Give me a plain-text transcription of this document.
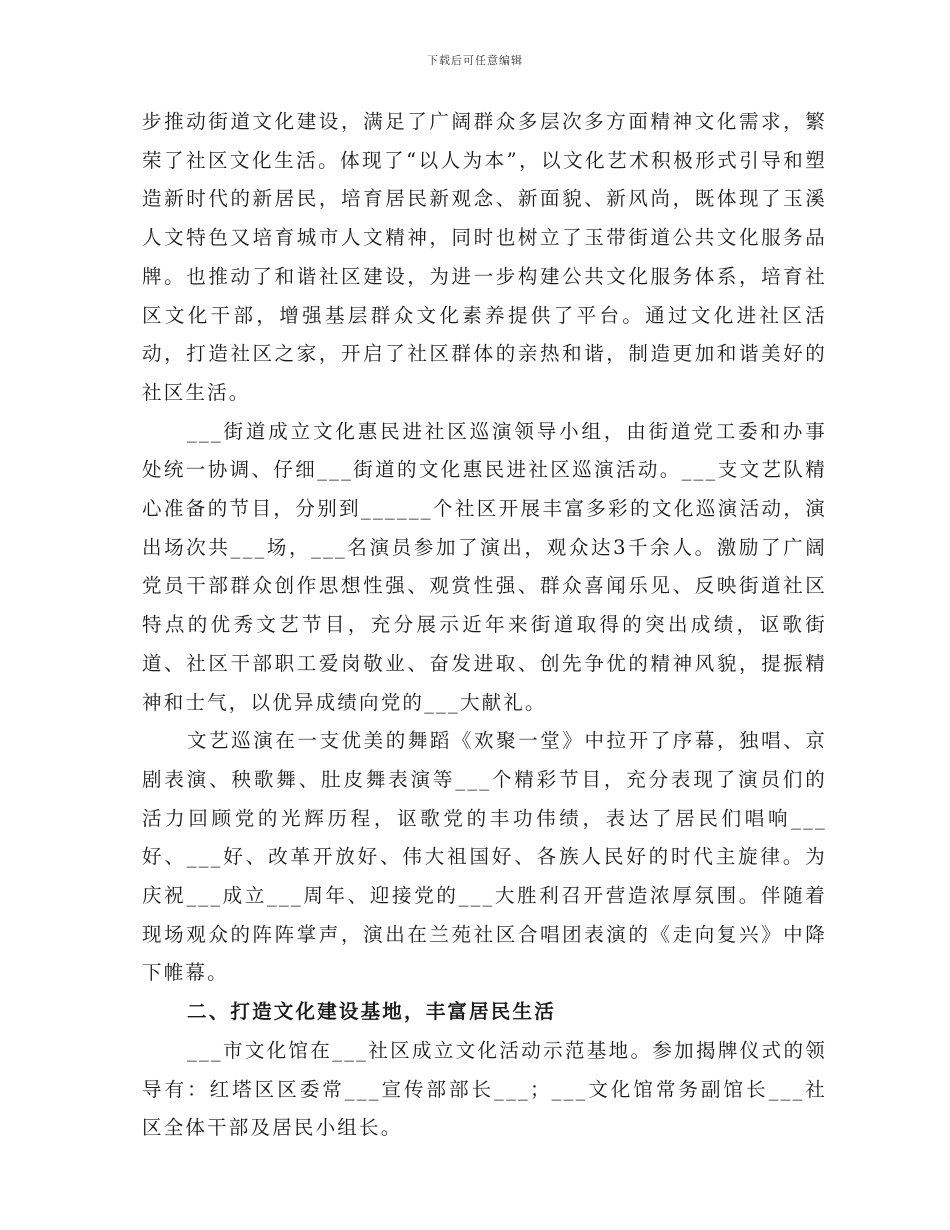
下载后可任意编辑

步推动街道文化建设，满足了广阔群众多层次多方面精神文化需求，繁荣了社区文化生活。体现了“以人为本”，以文化艺术积极形式引导和塑造新时代的新居民，培育居民新观念、新面貌、新风尚，既体现了玉溪人文特色又培育城市人文精神，同时也树立了玉带街道公共文化服务品牌。也推动了和谐社区建设，为进一步构建公共文化服务体系，培育社区文化干部，增强基层群众文化素养提供了平台。通过文化进社区活动，打造社区之家，开启了社区群体的亲热和谐，制造更加和谐美好的社区生活。

___街道成立文化惠民进社区巡演领导小组，由街道党工委和办事处统一协调、仔细___街道的文化惠民进社区巡演活动。___支文艺队精心准备的节目，分别到______个社区开展丰富多彩的文化巡演活动，演出场次共___场，___名演员参加了演出，观众达3千余人。激励了广阔党员干部群众创作思想性强、观赏性强、群众喜闻乐见、反映街道社区特点的优秀文艺节目，充分展示近年来街道取得的突出成绩，讴歌街道、社区干部职工爱岗敬业、奋发进取、创先争优的精神风貌，提振精神和士气，以优异成绩向党的___大献礼。

文艺巡演在一支优美的舞蹈《欢聚一堂》中拉开了序幕，独唱、京剧表演、秧歌舞、肚皮舞表演等___个精彩节目，充分表现了演员们的活力回顾党的光辉历程，讴歌党的丰功伟绩，表达了居民们唱响___好、___好、改革开放好、伟大祖国好、各族人民好的时代主旋律。为庆祝___成立___周年、迎接党的___大胜利召开营造浓厚氛围。伴随着现场观众的阵阵掌声，演出在兰苑社区合唱团表演的《走向复兴》中降下帷幕。

二、打造文化建设基地，丰富居民生活

___市文化馆在___社区成立文化活动示范基地。参加揭牌仪式的领导有：红塔区区委常___宣传部部长___；___文化馆常务副馆长___社区全体干部及居民小组长。
